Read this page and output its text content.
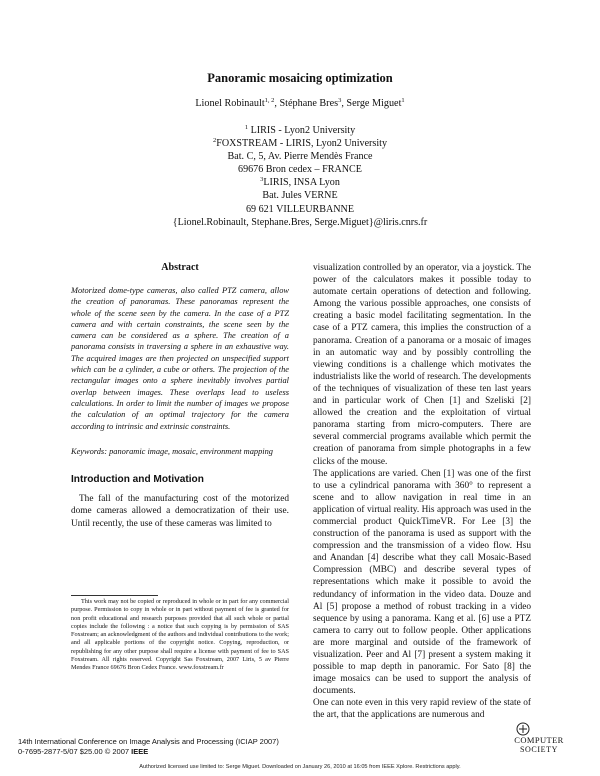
Panoramic mosaicing optimization
Lionel Robinault$^{1, 2}$, Stéphane Bres$^3$, Serge Miguet$^1$
$^1$ LIRIS - Lyon2 University
$^2$FOXSTREAM - LIRIS, Lyon2 University
Bat. C, 5, Av. Pierre Mendès France
69676 Bron cedex – FRANCE
$^3$LIRIS, INSA Lyon
Bat. Jules VERNE
69 621 VILLEURBANNE
{Lionel.Robinault, Stephane.Bres, Serge.Miguet}@liris.cnrs.fr
Abstract

Motorized dome-type cameras, also called PTZ camera, allow the creation of panoramas. These panoramas represent the whole of the scene seen by the camera. In the case of a PTZ camera and with certain constraints, the scene seen by the camera can be considered as a sphere. The creation of a panorama consists in traversing a sphere in an exhaustive way. The acquired images are then projected on unspecified support which can be a cylinder, a cube or others. The projection of the rectangular images onto a sphere inevitably involves partial overlap between images. These overlaps lead to useless calculations. In order to limit the number of images we propose the calculation of an optimal trajectory for the camera according to intrinsic and extrinsic constraints.

Keywords: panoramic image, mosaic, environment mapping

Introduction and Motivation

The fall of the manufacturing cost of the motorized dome cameras allowed a democratization of their use. Until recently, the use of these cameras was limited to

This work may not be copied or reproduced in whole or in part for any commercial purpose. Permission to copy in whole or in part without payment of fee is granted for non profit educational and research purposes provided that all such whole or partial copies include the following : a notice that such copying is by permission of SAS Foxstream; an acknowledgment of the authors and individual contributions to the work; and all applicable portions of the copyright notice. Copying, reproduction, or republishing for any other purpose shall require a license with payment of fee to SAS Foxstream. All rights reserved. Copyright Sas Foxstream, 2007 Liris, 5 av Pierre Mendes France 69676 Bron Cedex France. www.foxstream.fr

visualization controlled by an operator, via a joystick. The power of the calculators makes it possible today to automate certain operations of detection and following. Among the various possible approaches, one consists of creating a basic model facilitating segmentation. In the case of a PTZ camera, this implies the construction of a panorama. Creation of a panorama or a mosaic of images in an automatic way and by possibly controlling the viewing conditions is a challenge which motivates the industrialists like the world of research. The developments of the techniques of visualization of these ten last years and in particular work of Chen [1] and Szeliski [2] allowed the creation and the exploitation of virtual panorama starting from micro-computers. There are several commercial programs available which permit the creation of panorama from simple photographs in a few clicks of the mouse.

The applications are varied. Chen [1] was one of the first to use a cylindrical panorama with 360° to represent a scene and to allow navigation in real time in an application of virtual reality. His approach was used in the commercial product QuickTimeVR. For Lee [3] the construction of the panorama is used as support with the compression and the transmission of a video flow. Hsu and Anandan [4] describe what they call Mosaic-Based Compression (MBC) and describe several types of representations which make it possible to avoid the redundancy of information in the video data. Douze and Al [5] propose a method of robust tracking in a video sequence by using a panorama. Kang et al. [6] use a PTZ camera to carry out to follow people. Other applications are more marginal and outside of the framework of visualization. Peer and Al [7] present a system making it possible to map depth in panoramic. For Sato [8] the image mosaics can be used to support the analysis of documents.

One can note even in this very rapid review of the state of the art, that the applications are numerous and

14th International Conference on Image Analysis and Processing (ICIAP 2007)
0-7695-2877-5/07 $25.00 © 2007 IEEE
COMPUTER
SOCIETY
Authorized licensed use limited to: Serge Miguet. Downloaded on January 26, 2010 at 16:05 from IEEE Xplore. Restrictions apply.
